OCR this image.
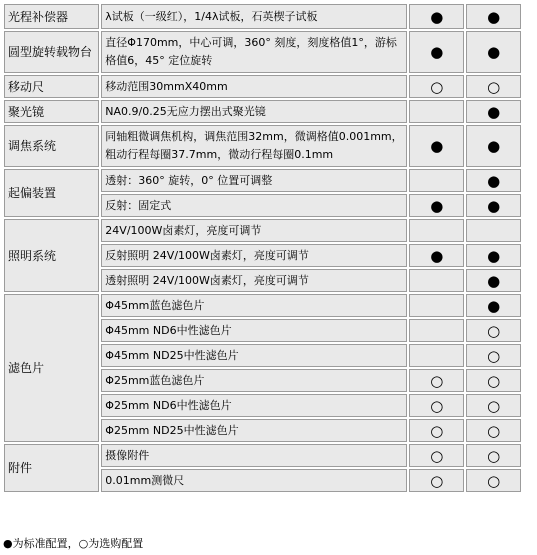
光程补偿器	λ试板（一级红），1/4λ试板，石英楔子试板	●	●
圆型旋转载物台	直径Φ170mm，中心可调，360° 刻度，刻度格值1°，游标格值6，45° 定位旋转	●	●
移动尺	移动范围30mmX40mm	○	○
聚光镜	NA0.9/0.25无应力摆出式聚光镜		●
调焦系统	同轴粗微调焦机构，调焦范围32mm，微调格值0.001mm，粗动行程每圈37.7mm，微动行程每圈0.1mm	●	●
起偏装置	透射：360° 旋转，0° 位置可调整		●
	反射：固定式	●	●
照明系统	24V/100W卤素灯，亮度可调节		
	反射照明 24V/100W卤素灯，亮度可调节	●	●
	透射照明 24V/100W卤素灯，亮度可调节		●
滤色片	Φ45mm蓝色滤色片		●
	Φ45mm ND6中性滤色片		○
	Φ45mm ND25中性滤色片		○
	Φ25mm蓝色滤色片	○	○
	Φ25mm ND6中性滤色片	○	○
	Φ25mm ND25中性滤色片	○	○
附件	摄像附件	○	○
	0.01mm测微尺	○	○
●为标准配置，○为选购配置
